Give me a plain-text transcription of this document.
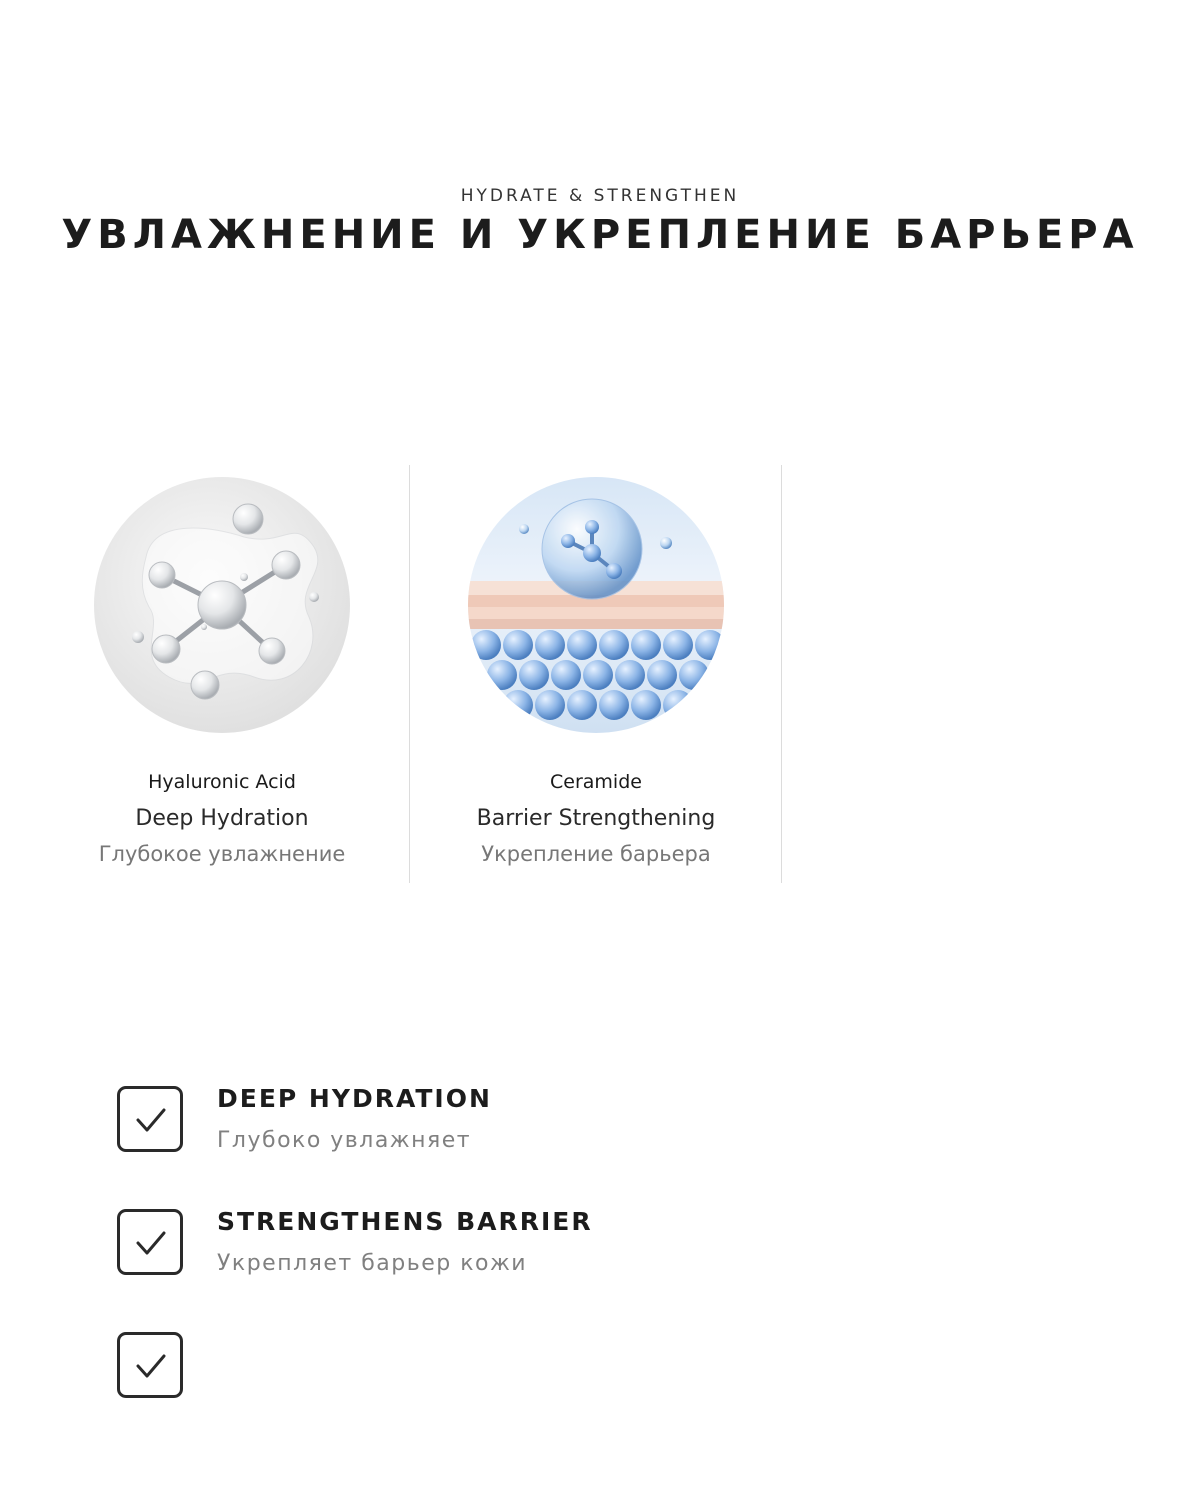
HYDRATE & STRENGTHEN
УВЛАЖНЕНИЕ И УКРЕПЛЕНИЕ БАРЬЕРА
Hyaluronic Acid
Deep Hydration
Глубокое увлажнение
Ceramide
Barrier Strengthening
Укрепление барьера
DEEP HYDRATION
Глубоко увлажняет
STRENGTHENS BARRIER
Укрепляет барьер кожи
